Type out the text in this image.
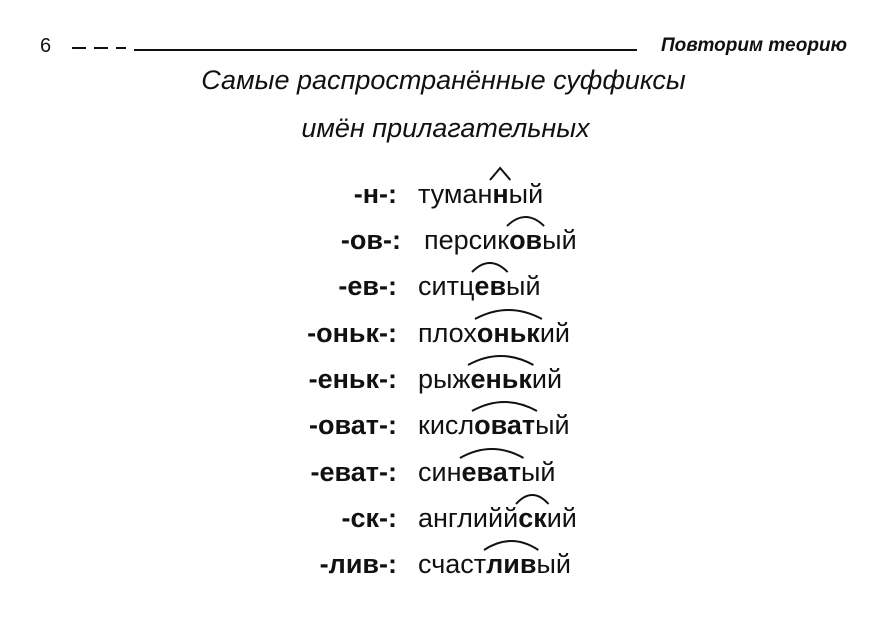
6	Повторим теорию
Самые распространённые суффиксы
имён прилагательных
-н-: туман
ный
-ов-: персик
овый
-ев-: ситц
евый
-оньк-: плох
онький
-еньк-: рыж
енький
-оват-: кисл
оватый
-еват-: син
еватый
-ск-: английй
ский
-лив-: счаст
ливый
